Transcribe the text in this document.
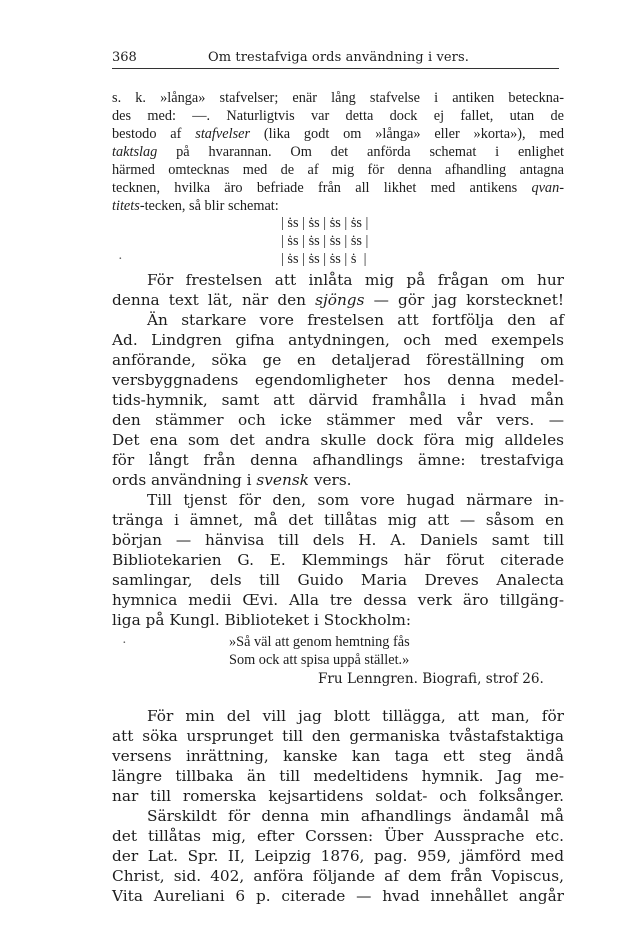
368	Om trestafviga ords användning i vers.
s. k. »långa» stafvelser; enär lång stafvelse i antiken beteckna-
des med: —. Naturligtvis var detta dock ej fallet, utan de
bestodo af stafvelser (lika godt om »långa» eller »korta»), med
taktslag på hvarannan. Om det anförda schemat i enlighet
härmed omtecknas med de af mig för denna afhandling antagna
tecknen, hvilka äro befriade från all likhet med antikens qvan-
titets-tecken, så blir schemat:
| ṡs | ṡs | ṡs | ṡs |
| ṡs | ṡs | ṡs | ṡs |
| ṡs | ṡs | ṡs | ṡ  |
·
För frestelsen att inlåta mig på frågan om hur
denna text lät, när den sjöngs — gör jag korstecknet!
Än starkare vore frestelsen att fortfölja den af
Ad. Lindgren gifna antydningen, och med exempels
anförande, söka ge en detaljerad föreställning om
versbyggnadens egendomligheter hos denna medel-
tids-hymnik, samt att därvid framhålla i hvad mån
den stämmer och icke stämmer med vår vers. —
Det ena som det andra skulle dock föra mig alldeles
för långt från denna afhandlings ämne: trestafviga
ords användning i svensk vers.
Till tjenst för den, som vore hugad närmare in-
tränga i ämnet, må det tillåtas mig att — såsom en
början — hänvisa till dels H. A. Daniels samt till
Bibliotekarien G. E. Klemmings här förut citerade
samlingar, dels till Guido Maria Dreves Analecta
hymnica medii Œvi. Alla tre dessa verk äro tillgäng-
liga på Kungl. Biblioteket i Stockholm:
»Så väl att genom hemtning fås
Som ock att spisa uppå stället.»
Fru Lenngren. Biografi, strof 26.
·
För min del vill jag blott tillägga, att man, för
att söka ursprunget till den germaniska tvåstafstaktiga
versens inrättning, kanske kan taga ett steg ändå
längre tillbaka än till medeltidens hymnik. Jag me-
nar till romerska kejsartidens soldat- och folksånger.
Särskildt för denna min afhandlings ändamål må
det tillåtas mig, efter Corssen: Über Aussprache etc.
der Lat. Spr. II, Leipzig 1876, pag. 959, jämförd med
Christ, sid. 402, anföra följande af dem från Vopiscus,
Vita Aureliani 6 p. citerade — hvad innehållet angår
